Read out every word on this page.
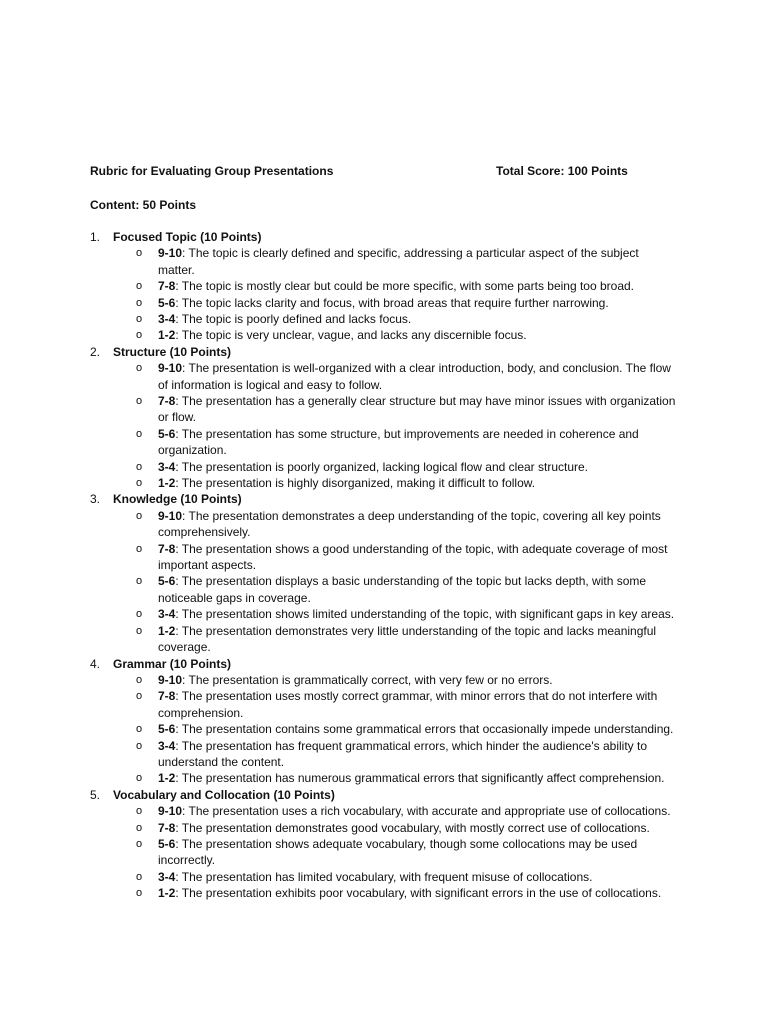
Rubric for Evaluating Group Presentations	Total Score: 100 Points
Content: 50 Points
1.	Focused Topic (10 Points)
o 9-10: The topic is clearly defined and specific, addressing a particular aspect of the subject matter.
o 7-8: The topic is mostly clear but could be more specific, with some parts being too broad.
o 5-6: The topic lacks clarity and focus, with broad areas that require further narrowing.
o 3-4: The topic is poorly defined and lacks focus.
o 1-2: The topic is very unclear, vague, and lacks any discernible focus.
2.	Structure (10 Points)
o 9-10: The presentation is well-organized with a clear introduction, body, and conclusion. The flow of information is logical and easy to follow.
o 7-8: The presentation has a generally clear structure but may have minor issues with organization or flow.
o 5-6: The presentation has some structure, but improvements are needed in coherence and organization.
o 3-4: The presentation is poorly organized, lacking logical flow and clear structure.
o 1-2: The presentation is highly disorganized, making it difficult to follow.
3.	Knowledge (10 Points)
o 9-10: The presentation demonstrates a deep understanding of the topic, covering all key points comprehensively.
o 7-8: The presentation shows a good understanding of the topic, with adequate coverage of most important aspects.
o 5-6: The presentation displays a basic understanding of the topic but lacks depth, with some noticeable gaps in coverage.
o 3-4: The presentation shows limited understanding of the topic, with significant gaps in key areas.
o 1-2: The presentation demonstrates very little understanding of the topic and lacks meaningful coverage.
4.	Grammar (10 Points)
o 9-10: The presentation is grammatically correct, with very few or no errors.
o 7-8: The presentation uses mostly correct grammar, with minor errors that do not interfere with comprehension.
o 5-6: The presentation contains some grammatical errors that occasionally impede understanding.
o 3-4: The presentation has frequent grammatical errors, which hinder the audience's ability to understand the content.
o 1-2: The presentation has numerous grammatical errors that significantly affect comprehension.
5.	Vocabulary and Collocation (10 Points)
o 9-10: The presentation uses a rich vocabulary, with accurate and appropriate use of collocations.
o 7-8: The presentation demonstrates good vocabulary, with mostly correct use of collocations.
o 5-6: The presentation shows adequate vocabulary, though some collocations may be used incorrectly.
o 3-4: The presentation has limited vocabulary, with frequent misuse of collocations.
o 1-2: The presentation exhibits poor vocabulary, with significant errors in the use of collocations.
